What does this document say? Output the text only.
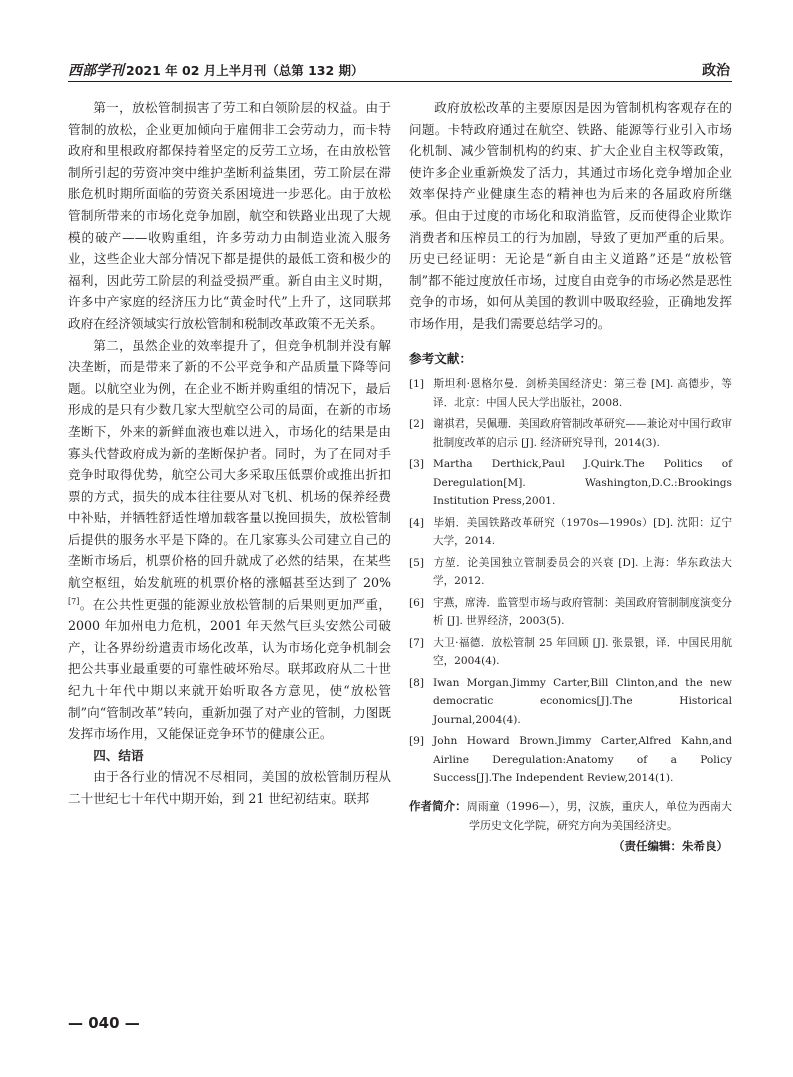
西部学刊 2021 年 02 月上半月刊（总第 132 期）	政治

第一，放松管制损害了劳工和白领阶层的权益。由于管制的放松，企业更加倾向于雇佣非工会劳动力，而卡特政府和里根政府都保持着坚定的反劳工立场，在由放松管制所引起的劳资冲突中维护垄断利益集团，劳工阶层在滞胀危机时期所面临的劳资关系困境进一步恶化。由于放松管制所带来的市场化竞争加剧，航空和铁路业出现了大规模的破产——收购重组，许多劳动力由制造业流入服务业，这些企业大部分情况下都是提供的最低工资和极少的福利，因此劳工阶层的利益受损严重。新自由主义时期，许多中产家庭的经济压力比“黄金时代”上升了，这同联邦政府在经济领域实行放松管制和税制改革政策不无关系。

第二，虽然企业的效率提升了，但竞争机制并没有解决垄断，而是带来了新的不公平竞争和产品质量下降等问题。以航空业为例，在企业不断并购重组的情况下，最后形成的是只有少数几家大型航空公司的局面，在新的市场垄断下，外来的新鲜血液也难以进入，市场化的结果是由寡头代替政府成为新的垄断保护者。同时，为了在同对手竞争时取得优势，航空公司大多采取压低票价或推出折扣票的方式，损失的成本往往要从对飞机、机场的保养经费中补贴，并牺牲舒适性增加载客量以挽回损失，放松管制后提供的服务水平是下降的。在几家寡头公司建立自己的垄断市场后，机票价格的回升就成了必然的结果，在某些航空枢纽，始发航班的机票价格的涨幅甚至达到了 20%[7]。在公共性更强的能源业放松管制的后果则更加严重，2000 年加州电力危机，2001 年天然气巨头安然公司破产，让各界纷纷遣责市场化改革，认为市场化竞争机制会把公共事业最重要的可靠性破坏殆尽。联邦政府从二十世纪九十年代中期以来就开始听取各方意见，使“放松管制”向“管制改革”转向，重新加强了对产业的管制，力图既发挥市场作用，又能保证竞争环节的健康公正。

四、结语

由于各行业的情况不尽相同，美国的放松管制历程从二十世纪七十年代中期开始，到 21 世纪初结束。联邦

政府放松改革的主要原因是因为管制机构客观存在的问题。卡特政府通过在航空、铁路、能源等行业引入市场化机制、减少管制机构的约束、扩大企业自主权等政策，使许多企业重新焕发了活力，其通过市场化竞争增加企业效率保持产业健康生态的精神也为后来的各届政府所继承。但由于过度的市场化和取消监管，反而使得企业欺诈消费者和压榨员工的行为加剧，导致了更加严重的后果。历史已经证明：无论是“新自由主义道路”还是“放松管制”都不能过度放任市场，过度自由竞争的市场必然是恶性竞争的市场，如何从美国的教训中吸取经验，正确地发挥市场作用，是我们需要总结学习的。

参考文献：
[1] 斯坦利·恩格尔曼．剑桥美国经济史：第三卷 [M]. 高德步，等译．北京：中国人民大学出版社，2008.
[2] 谢祺君，吴佩珊．美国政府管制改革研究——兼论对中国行政审批制度改革的启示 [J]. 经济研究导刊，2014(3).
[3] Martha Derthick,Paul J.Quirk.The Politics of Deregulation[M]. Washington,D.C.:Brookings Institution Press,2001.
[4] 毕娟．美国铁路改革研究（1970s—1990s）[D]. 沈阳：辽宁大学，2014.
[5] 方堃．论美国独立管制委员会的兴衰 [D]. 上海：华东政法大学，2012.
[6] 宇燕，席涛．监管型市场与政府管制：美国政府管制制度演变分析 [J]. 世界经济，2003(5).
[7] 大卫·福德．放松管制 25 年回顾 [J]. 张景银，译．中国民用航空，2004(4).
[8] Iwan Morgan.Jimmy Carter,Bill Clinton,and the new democratic economics[J].The Historical Journal,2004(4).
[9] John Howard Brown.Jimmy Carter,Alfred Kahn,and Airline Deregulation:Anatomy of a Policy Success[J].The Independent Review,2014(1).
作者简介：周雨童（1996—），男，汉族，重庆人，单位为西南大学历史文化学院，研究方向为美国经济史。
（责任编辑：朱希良）
— 040 —
